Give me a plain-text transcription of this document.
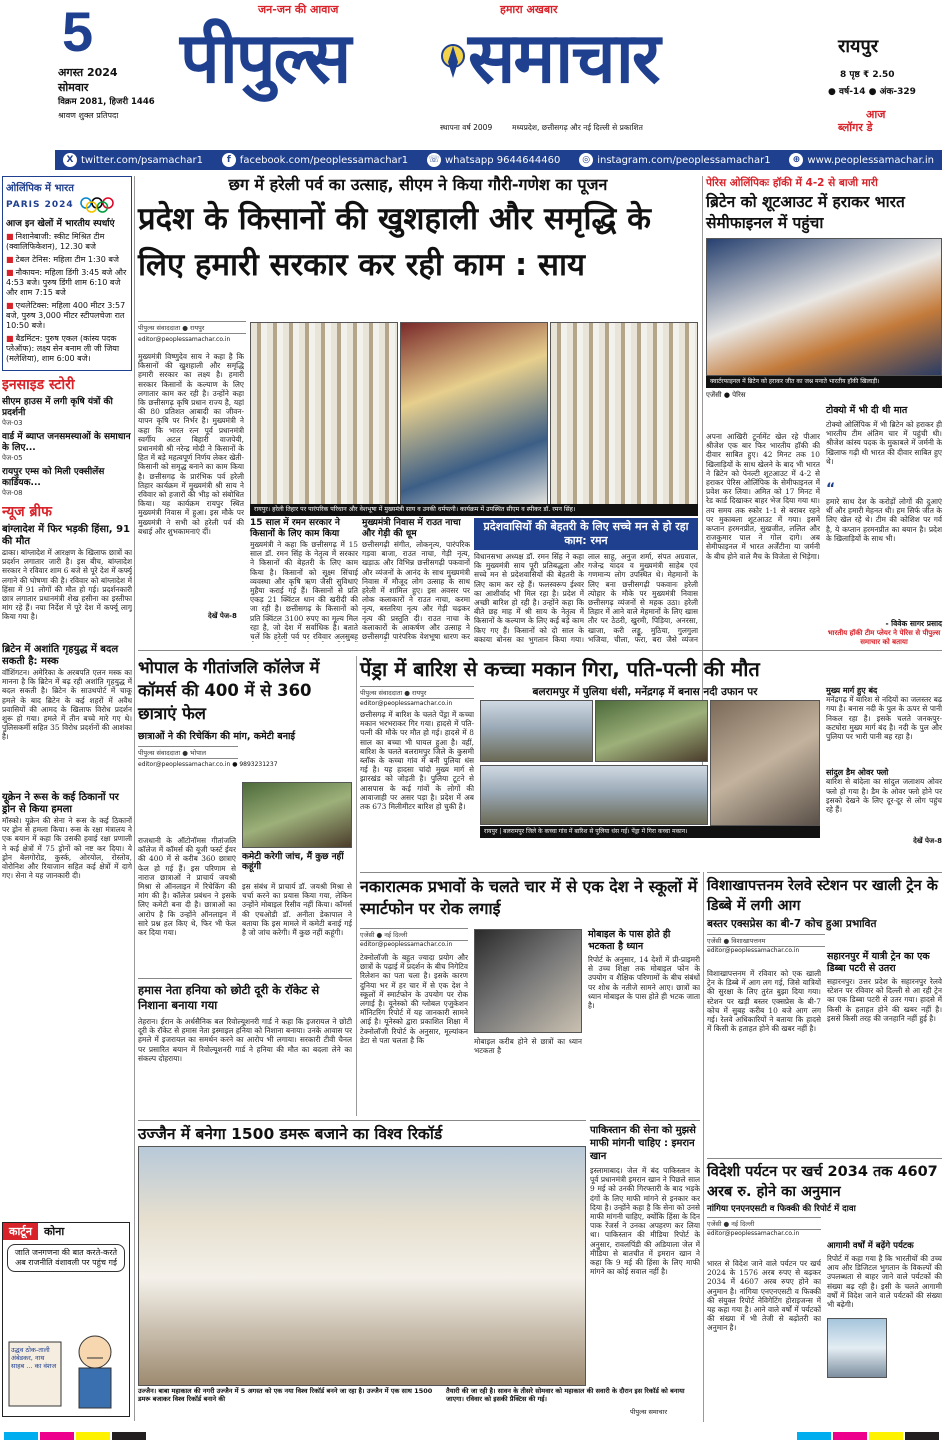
5
अगस्त 2024
सोमवार
विक्रम 2081, हिजरी 1446
श्रावण शुक्ल प्रतिपदा
जन-जन की आवाज	हमारा अखबार
पीपुल्स समाचार
स्थापना वर्ष 2009	मध्यप्रदेश, छत्तीसगढ़ और नई दिल्ली से प्रकाशित
रायपुर
8 पृष्ठ ₹ 2.50
● वर्ष-14 ● अंक-329
आज
ब्लॉगर डे
X twitter.com/psamachar1	f facebook.com/peoplessamachar1 ☏ whatsapp 9644644460	◎ instagram.com/peoplessamachar1	⊕ www.peoplessamachar.in
ओलिंपिक में भारत
PARIS 2024
आज इन खेलों में भारतीय स्पर्धाएं
■ निशानेबाजी: स्कीट मिश्रित टीम (क्वालिफिकेशन), 12.30 बजे
■ टेबल टेनिस: महिला टीम 1:30 बजे
■ नौकायन: महिला डिंगी 3:45 बजे और 4:53 बजे। पुरुष डिंगी शाम 6:10 बजे और शाम 7:15 बजे
■ एथलेटिक्स: महिला 400 मीटर 3:57 बजे, पुरुष 3,000 मीटर स्टीपलचेजः रात 10:50 बजे।
■ बैडमिंटन: पुरुष एकल (कांस्य पदक प्लेऑफ): लक्ष्य सेन बनाम ली जी जिया (मलेशिया), शाम 6:00 बजे।
इनसाइड स्टोरी
सीएम हाउस में लगी कृषि यंत्रों की प्रदर्शनी
पेज-03
वार्ड में ब्याप्त जनसमस्याओं के समाधान के लिए...
पेज-05
रायपुर एम्स को मिली एक्सीलेंस कार्डियक...
पेज-08
न्यूज ब्रीफ
बांग्लादेश में फिर भड़की हिंसा, 91 की मौत
ढाका। बांग्लादेश में आरक्षण के खिलाफ छात्रों का प्रदर्शन लगातार जारी है। इस बीच, बांग्लादेश सरकार ने रविवार शाम 6 बजे से पूरे देश में कर्फ्यू लगाने की घोषणा की है। रविवार को बांग्लादेश में हिंसा में 91 लोगों की मौत हो गई। प्रदर्शनकारी छात्र लगातार प्रधानमंत्री शेख हसीना का इस्तीफा मांग रहे हैं। नया निर्देश में पूरे देश में कर्फ्यू लागू किया गया है।
ब्रिटेन में अशांति गृहयुद्ध में बदल सकती है: मस्क
वॉशिंगटन। अमेरिका के अरबपति एलन मस्क का मानना है कि ब्रिटेन में बढ़ रही अशांति गृहयुद्ध में बदल सकती है। ब्रिटेन के साउथपोर्ट में चाकू हमले के बाद ब्रिटेन के कई शहरों में अवैध प्रवासियों की आमद के खिलाफ विरोध प्रदर्शन शुरू हो गया। हमले में तीन बच्चे मारे गए थे। पुलिसकर्मी सहित 35 विरोध प्रदर्शनों की आशंका है।
यूक्रेन ने रूस के कई ठिकानों पर ड्रोन से किया हमला
मॉस्को। यूक्रेन की सेना ने रूस के कई ठिकानों पर ड्रोन से हमला किया। रूस के रक्षा मंत्रालय ने एक बयान में कहा कि उसकी हवाई रक्षा प्रणाली ने कई क्षेत्रों में 75 ड्रोनों को नष्ट कर दिया। ये ड्रोन बेलगोरोड, कुर्स्क, ओरयोल, रोस्तोव, वोरोनिश और रियाजान सहित कई क्षेत्रों में दागे गए। सेना ने यह जानकारी दी।
कार्टून	कोना
जाति जनगणना की बात करते-करते अब राजनीति वंशावली पर पहुंच गई
उद्धव ठोक-ताली अंबेडकर, नाथ साहब ... का वंशज
छग में हरेली पर्व का उत्साह, सीएम ने किया गौरी-गणेश का पूजन
प्रदेश के किसानों की खुशहाली और समृद्धि के लिए हमारी सरकार कर रही काम : साय
पीपुल्स संवाददाता ● रायपुर
editor@peoplessamachar.co.in
मुख्यमंत्री विष्णुदेव साय ने कहा है कि किसानों की खुशहाली और समृद्धि हमारी सरकार का लक्ष्य है। हमारी सरकार किसानों के कल्याण के लिए लगातार काम कर रही है। उन्होंने कहा कि छत्तीसगढ़ कृषि प्रधान राज्य है, यहां की 80 प्रतिशत आबादी का जीवन-यापन कृषि पर निर्भर है। मुख्यमंत्री ने कहा कि भारत रत्न पूर्व प्रधानमंत्री स्वर्गीय अटल बिहारी वाजपेयी, प्रधानमंत्री श्री नरेन्द्र मोदी ने किसानों के हित में बड़े महत्वपूर्ण निर्णय लेकर खेती-किसानी को समृद्ध बनाने का काम किया है। छत्तीसगढ़ के प्रारंभिक पर्व हरेली तिहार कार्यक्रम में मुख्यमंत्री श्री साय ने रविवार को हजारों की भीड़ को संबोधित किया। यह कार्यक्रम रायपुर स्थित मुख्यमंत्री निवास में हुआ। इस मौके पर मुख्यमंत्री ने सभी को हरेली पर्व की बधाई और शुभकामनाएं दीं।
देखें पेज-8
रायपुर। हरेली तिहार पर पारंपरिक परिधान और वेशभूषा में मुख्यमंत्री साय व उनकी धर्मपत्नी। कार्यक्रम में उपस्थित सीएम व स्पीकर डॉ. रमन सिंह।
15 साल में रमन सरकार ने किसानों के लिए काम किया
मुख्यमंत्री ने कहा कि छत्तीसगढ़ में 15 साल डॉ. रमन सिंह के नेतृत्व में सरकार ने किसानों की बेहतरी के लिए काम किया है। किसानों को सूक्ष्म सिंचाई व्यवस्था और कृषि ऋण जैसी सुविधाएं मुहैया कराई गई हैं। किसानों से प्रति एकड़ 21 क्विंटल धान की खरीदी की जा रही है। छत्तीसगढ़ के किसानों को प्रति क्विंटल 3100 रुपए का मूल्य मिल रहा है, जो देश में सर्वाधिक है। बताते चलें कि हरेली पर्व पर रविवार अलसुबह
मुख्यमंत्री निवास में राउत नाचा और गेड़ी की धूम
छत्तीसगढ़ी संगीत, लोकनृत्य, पारंपरिक गड़वा बाजा, राउत नाचा, गेड़ी नृत्य, खड़ाऊ और विभिन्न छत्तीसगढ़ी पकवानों और व्यंजनों के आनंद के साथ मुख्यमंत्री निवास में मौजूद लोग उत्साह के साथ हरेली में शामिल हुए। इस अवसर पर लोक कलाकारों ने राउत नाचा, करमा नृत्य, बस्तरिया नृत्य और गेड़ी चढ़कर नृत्य की प्रस्तुति दी। राउत नाचा के कलाकारों के आकर्षण और उत्साह ने छत्तीसगढ़ी पारंपरिक वेशभूषा धारण कर
प्रदेशवासियों की बेहतरी के लिए सच्चे मन से हो रहा काम: रमन
विधानसभा अध्यक्ष डॉ. रमन सिंह ने कहा कि मुख्यमंत्री साय पूरी प्रतिबद्धता और सच्चे मन से प्रदेशवासियों की बेहतरी के लिए काम कर रहे हैं। फलस्वरूप ईश्वर का आशीर्वाद भी मिल रहा है। प्रदेश में अच्छी बारिश हो रही है। उन्होंने कहा कि बीते छह माह में श्री साय के नेतृत्व में किसानों के कल्याण के लिए कई बड़े काम किए गए हैं। किसानों को दो साल के बकाया बोनस का भुगतान किया गया।
लाल साहू, अनुज शर्मा, संपत अग्रवाल, गजेन्द्र यादव व मुख्यमंत्री साहेब एवं गणमान्य लोग उपस्थित थे। मेहमानों के लिए बना छत्तीसगढ़ी पकवानः हरेली त्योहार के मौके पर मुख्यमंत्री निवास छत्तीसगढ़ व्यंजनों से महक उठा। हरेली तिहार में आने वाले मेहमानों के लिए खास तौर पर ठेठरी, खुरमी, पिड़िया, अनरसा, खाजा, करी लड्डू, मुठिया, गुलगुला भजिया, चीला, फरा, बरा जैसे व्यंजन
पेरिस ओलिंपिकः हॉकी में 4-2 से बाजी मारी
ब्रिटेन को शूटआउट में हराकर भारत सेमीफाइनल में पहुंचा
क्वार्टरफाइनल में ब्रिटेन को हराकर जीत का जश्न मनाते भारतीय हॉकी खिलाड़ी।
एजेंसी ● पेरिस
टोक्यो में भी दी थी मात
अपना आखिरी टूर्नामेंट खेल रहे पीआर श्रीजेश एक बार फिर भारतीय हॉकी की दीवार साबित हुए। 42 मिनट तक 10 खिलाड़ियों के साथ खेलने के बाद भी भारत ने ब्रिटेन को पेनल्टी शूटआउट में 4-2 से हराकर पेरिस ओलिंपिक के सेमीफाइनल में प्रवेश कर लिया। अमित को 17 मिनट में रेड कार्ड दिखाकर बाहर भेज दिया गया था। तय समय तक स्कोर 1-1 से बराबर रहने पर मुकाबला शूटआउट में गया। इसमें कप्तान हरमनप्रीत, सुखजीत, ललित और राजकुमार पाल ने गोल दागे। अब सेमीफाइनल में भारत अर्जेंटीना या जर्मनी के बीच होने वाले मैच के विजेता से भिड़ेगा।
टोक्यो ओलिंपिक में भी ब्रिटेन को हराकर ही भारतीय टीम अंतिम चार में पहुंची थी। श्रीजेश कांस्य पदक के मुकाबले में जर्मनी के खिलाफ गढ़ी थी भारत की दीवार साबित हुए थे।
“
हमारे साथ देश के करोड़ों लोगों की दुआएं थीं और हमारी मेहनत थी। हम सिर्फ जीत के लिए खेल रहे थे। टीम की कोशिश पर गर्व है, ये कप्तान हरमनप्रीत का बयान है। प्रदेश के खिलाड़ियों के साथ भी।
- विवेक सागर प्रसाद
भारतीय हॉकी टीम प्लेयर ने पेरिस से पीपुल्स समाचार को बताया
भोपाल के गीतांजलि कॉलेज में कॉमर्स की 400 में से 360 छात्राएं फेल
छात्राओं ने की रिचेकिंग की मांग, कमेटी बनाई
पीपुल्स संवाददाता ● भोपाल
editor@peoplessamachar.co.in ● 9893231237
राजधानी के ऑटोनॉमस गीतांजलि कॉलेज में कॉमर्स की यूजी फर्स्ट ईयर की 400 में से करीब 360 छात्राएं फेल हो गई हैं। इस परिणाम से नाराज छात्राओं ने प्राचार्य जयश्री मिश्रा से ऑनलाइन में रिचेकिंग की मांग की है। कॉलेज प्रबंधन ने इसके लिए कमेटी बना दी है। छात्राओं का आरोप है कि उन्होंने ऑनलाइन में सारे प्रश्न हल किए थे, फिर भी फेल कर दिया गया।
कमेटी करेगी जांच, मैं कुछ नहीं कहूंगी
इस संबंध में प्राचार्य डॉ. जयश्री मिश्रा से चर्चा करने का प्रयास किया गया, लेकिन उन्होंने मोबाइल रिसीव नहीं किया। कॉमर्स की एचओडी डॉ. अनीता डेकापाल ने बताया कि इस मामले में कमेटी बनाई गई है जो जांच करेगी। मैं कुछ नहीं कहूंगी।
हमास नेता हनिया को छोटी दूरी के रॉकेट से निशाना बनाया गया
तेहरान। ईरान के अर्धसैनिक बल रिवोल्यूशनरी गार्ड ने कहा कि इजरायल ने छोटी दूरी के रॉकेट से हमास नेता इस्माइल हनिया को निशाना बनाया। उनके आवास पर हमले में इजरायल का समर्थन करने का आरोप भी लगाया। सरकारी टीवी चैनल पर प्रसारित बयान में रिवोल्यूशनरी गार्ड ने हनिया की मौत का बदला लेने का संकल्प दोहराया।
पेंड्रा में बारिश से कच्चा मकान गिरा, पति-पत्नी की मौत
पीपुल्स संवाददाता ● रायपुर
editor@peoplessamachar.co.in
छत्तीसगढ़ में बारिश के चलते पेंड्रा में कच्चा मकान भरभराकर गिर गया। हादसे में पति-पत्नी की मौके पर मौत हो गई। हादसे में 8 साल का बच्चा भी घायल हुआ है। वहीं, बारिश के चलते बलरामपुर जिले के कुसमी ब्लॉक के कच्चा गांव में बनी पुलिया धंस गई है। यह हादसा चांदो मुख्य मार्ग से झारखंड को जोड़ती है। पुलिया टूटने से आसपास के कई गांवों के लोगों की आवाजाही पर असर पड़ा है। प्रदेश में अब तक 673 मिलीमीटर बारिश हो चुकी है।
बलरामपुर में पुलिया धंसी, मनेंद्रगढ़ में बनास नदी उफान पर
रायपुर | बलरामपुर जिले के कच्चा गांव में बारिश से पुलिया धंस गई। पेंड्रा में गिरा कच्चा मकान।
मुख्य मार्ग हुए बंद
मनेंद्रगढ़ में बारिश से नदियों का जलस्तर बढ़ गया है। बनास नदी के पुल के ऊपर से पानी निकल रहा है। इसके चलते जनकपुर-कटघोरा मुख्य मार्ग बंद है। नदी के पुल और पुलिया पर भारी पानी बह रहा है।
सांदुल डैम ओवर फ्लो
बारिश से बांदेला का सांदुल जलाशय ओवर फ्लो हो गया है। डैम के ओवर फ्लो होने पर इसको देखने के लिए दूर-दूर से लोग पहुंच रहे हैं।
देखें पेज-8
नकारात्मक प्रभावों के चलते चार में से एक देश ने स्कूलों में स्मार्टफोन पर रोक लगाई
एजेंसी ● नई दिल्ली
editor@peoplessamachar.co.in
टेक्नोलॉजी के बहुत ज्यादा प्रयोग और छात्रों के पढ़ाई में प्रदर्शन के बीच निगेटिव रिलेशन का पता चला है। इसके कारण दुनिया भर में हर चार में से एक देश ने स्कूलों में स्मार्टफोन के उपयोग पर रोक लगाई है। यूनेस्को की ग्लोबल एजुकेशन मॉनिटरिंग रिपोर्ट में यह जानकारी सामने आई है। यूनेस्को द्वारा प्रकाशित शिक्षा में टेक्नोलॉजी रिपोर्ट के अनुसार, मूल्यांकन डेटा से पता चलता है कि	मोबाइल करीब होने से छात्रों का ध्यान भटकता है
मोबाइल के पास होते ही भटकता है ध्यान
रिपोर्ट के अनुसार, 14 देशों में प्री-प्राइमरी से उच्च शिक्षा तक मोबाइल फोन के उपयोग व शैक्षिक परिणामों के बीच संबंधों पर शोध के नतीजे सामने आए। छात्रों का ध्यान मोबाइल के पास होते ही भटक जाता है।
विशाखापत्तनम रेलवे स्टेशन पर खाली ट्रेन के डिब्बे में लगी आग
बस्तर एक्सप्रेस का बी-7 कोच हुआ प्रभावित
एजेंसी ● विशाखापत्तनम
editor@peoplessamachar.co.in
विशाखापत्तनम में रविवार को एक खाली ट्रेन के डिब्बे में आग लग गई, जिसे यात्रियों की सुरक्षा के लिए तुरंत बुझा दिया गया। स्टेशन पर खड़ी बस्तर एक्सप्रेस के बी-7 कोच में सुबह करीब 10 बजे आग लग गई। रेलवे अधिकारियों ने बताया कि हादसे में किसी के हताहत होने की खबर नहीं है।
सहारनपुर में यात्री ट्रेन का एक डिब्बा पटरी से उतरा
सहारनपुर। उत्तर प्रदेश के सहारनपुर रेलवे स्टेशन पर रविवार को दिल्ली से आ रही ट्रेन का एक डिब्बा पटरी से उतर गया। हादसे में किसी के हताहत होने की खबर नहीं है। इससे किसी तरह की जनहानि नहीं हुई है।
विदेशी पर्यटन पर खर्च 2034 तक 4607 अरब रु. होने का अनुमान
नांगिया एनएनएसटी व फिक्की की रिपोर्ट में दावा
एजेंसी ● नई दिल्ली
editor@peoplessamachar.co.in
भारत से विदेश जाने वाले पर्यटन पर खर्च 2024 के 1576 अरब रुपए से बढ़कर 2034 में 4607 अरब रुपए होने का अनुमान है। नांगिया एनएनएसटी व फिक्की की संयुक्त रिपोर्ट नेविगेटिंग होराइजन्स में यह कहा गया है। आने वाले वर्षों में पर्यटकों की संख्या में भी तेजी से बढ़ोतरी का अनुमान है।
आगामी वर्षों में बढ़ेंगे पर्यटक
रिपोर्ट में कहा गया है कि भारतीयों की उच्च आय और डिजिटल भुगतान के विकल्पों की उपलब्धता से बाहर जाने वाले पर्यटकों की संख्या बढ़ रही है। इसी के चलते आगामी वर्षों में विदेश जाने वाले पर्यटकों की संख्या भी बढ़ेगी।
उज्जैन में बनेगा 1500 डमरू बजाने का विश्व रिकॉर्ड
उज्जैन। बाबा महाकाल की नगरी उज्जैन में 5 अगस्त को एक नया विश्व रिकॉर्ड बनने जा रहा है। उज्जैन में एक साथ 1500 डमरू बजाकर विश्व रिकॉर्ड बनाने की
पाकिस्तान की सेना को मुझसे माफी मांगनी चाहिए : इमरान खान
इस्लामाबाद। जेल में बंद पाकिस्तान के पूर्व प्रधानमंत्री इमरान खान ने पिछले साल 9 मई को उनकी गिरफ्तारी के बाद भड़के दंगों के लिए माफी मांगने से इनकार कर दिया है। उन्होंने कहा है कि सेना को उनसे माफी मांगनी चाहिए, क्योंकि हिंसा के दिन पाक रेंजर्स ने उनका अपहरण कर लिया था। पाकिस्तान की मीडिया रिपोर्ट के अनुसार, रावलपिंडी की अडियाला जेल में मीडिया से बातचीत में इमरान खान ने कहा कि 9 मई की हिंसा के लिए माफी मांगने का कोई सवाल नहीं है।
तैयारी की जा रही है। सावन के तीसरे सोमवार को महाकाल की सवारी के दौरान इस रिकॉर्ड को बनाया जाएगा। रविवार को इसकी प्रैक्टिस की गई।
पीपुल्स समाचार
